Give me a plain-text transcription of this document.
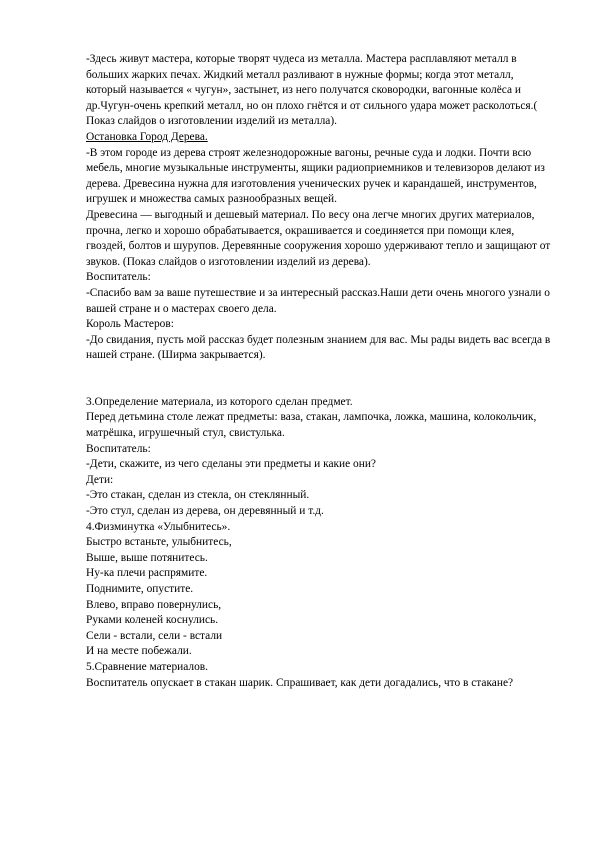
-Здесь живут мастера, которые творят чудеса из металла. Мастера расплавляют металл в больших жарких печах. Жидкий металл разливают в нужные формы; когда этот металл, который называется « чугун», застынет, из него получатся сковородки, вагонные колёса и др.Чугун-очень крепкий металл, но он плохо гнётся и от сильного удара может расколоться.( Показ слайдов о изготовлении изделий из металла).

Остановка Город Дерева.

-В этом городе из дерева строят железнодорожные вагоны, речные суда и лодки. Почти всю мебель, многие музыкальные инструменты, ящики радиоприемников и телевизоров делают из дерева. Древесина нужна для изготовления ученических ручек и карандашей, инструментов, игрушек и множества самых разнообразных вещей.

Древесина — выгодный и дешевый материал. По весу она легче многих других материалов, прочна, легко и хорошо обрабатывается, окрашивается и соединяется при помощи клея, гвоздей, болтов и шурупов. Деревянные сооружения хорошо удерживают тепло и защищают от звуков. (Показ слайдов о изготовлении изделий из дерева).

Воспитатель:

-Спасибо вам за ваше путешествие и за интересный рассказ.Наши дети очень многого узнали о вашей стране и о мастерах своего дела.

Король Мастеров:

-До свидания, пусть мой рассказ будет полезным знанием для вас. Мы рады видеть вас всегда в нашей стране. (Ширма закрывается).

3.Определение материала, из которого сделан предмет.

Перед детьмина столе лежат предметы: ваза, стакан, лампочка, ложка, машина, колокольчик, матрёшка, игрушечный стул, свистулька.

Воспитатель:

-Дети, скажите, из чего сделаны эти предметы и какие они?

Дети:

-Это стакан, сделан из стекла, он стеклянный.

-Это стул, сделан из дерева, он деревянный и т.д.

4.Физминутка «Улыбнитесь».

Быстро встаньте, улыбнитесь,

Выше, выше потянитесь.

Ну-ка плечи распрямите.

Поднимите, опустите.

Влево, вправо повернулись,

Руками коленей коснулись.

Сели - встали, сели - встали

И на месте побежали.

5.Сравнение материалов.

Воспитатель опускает в стакан шарик. Спрашивает, как дети догадались, что в стакане?
